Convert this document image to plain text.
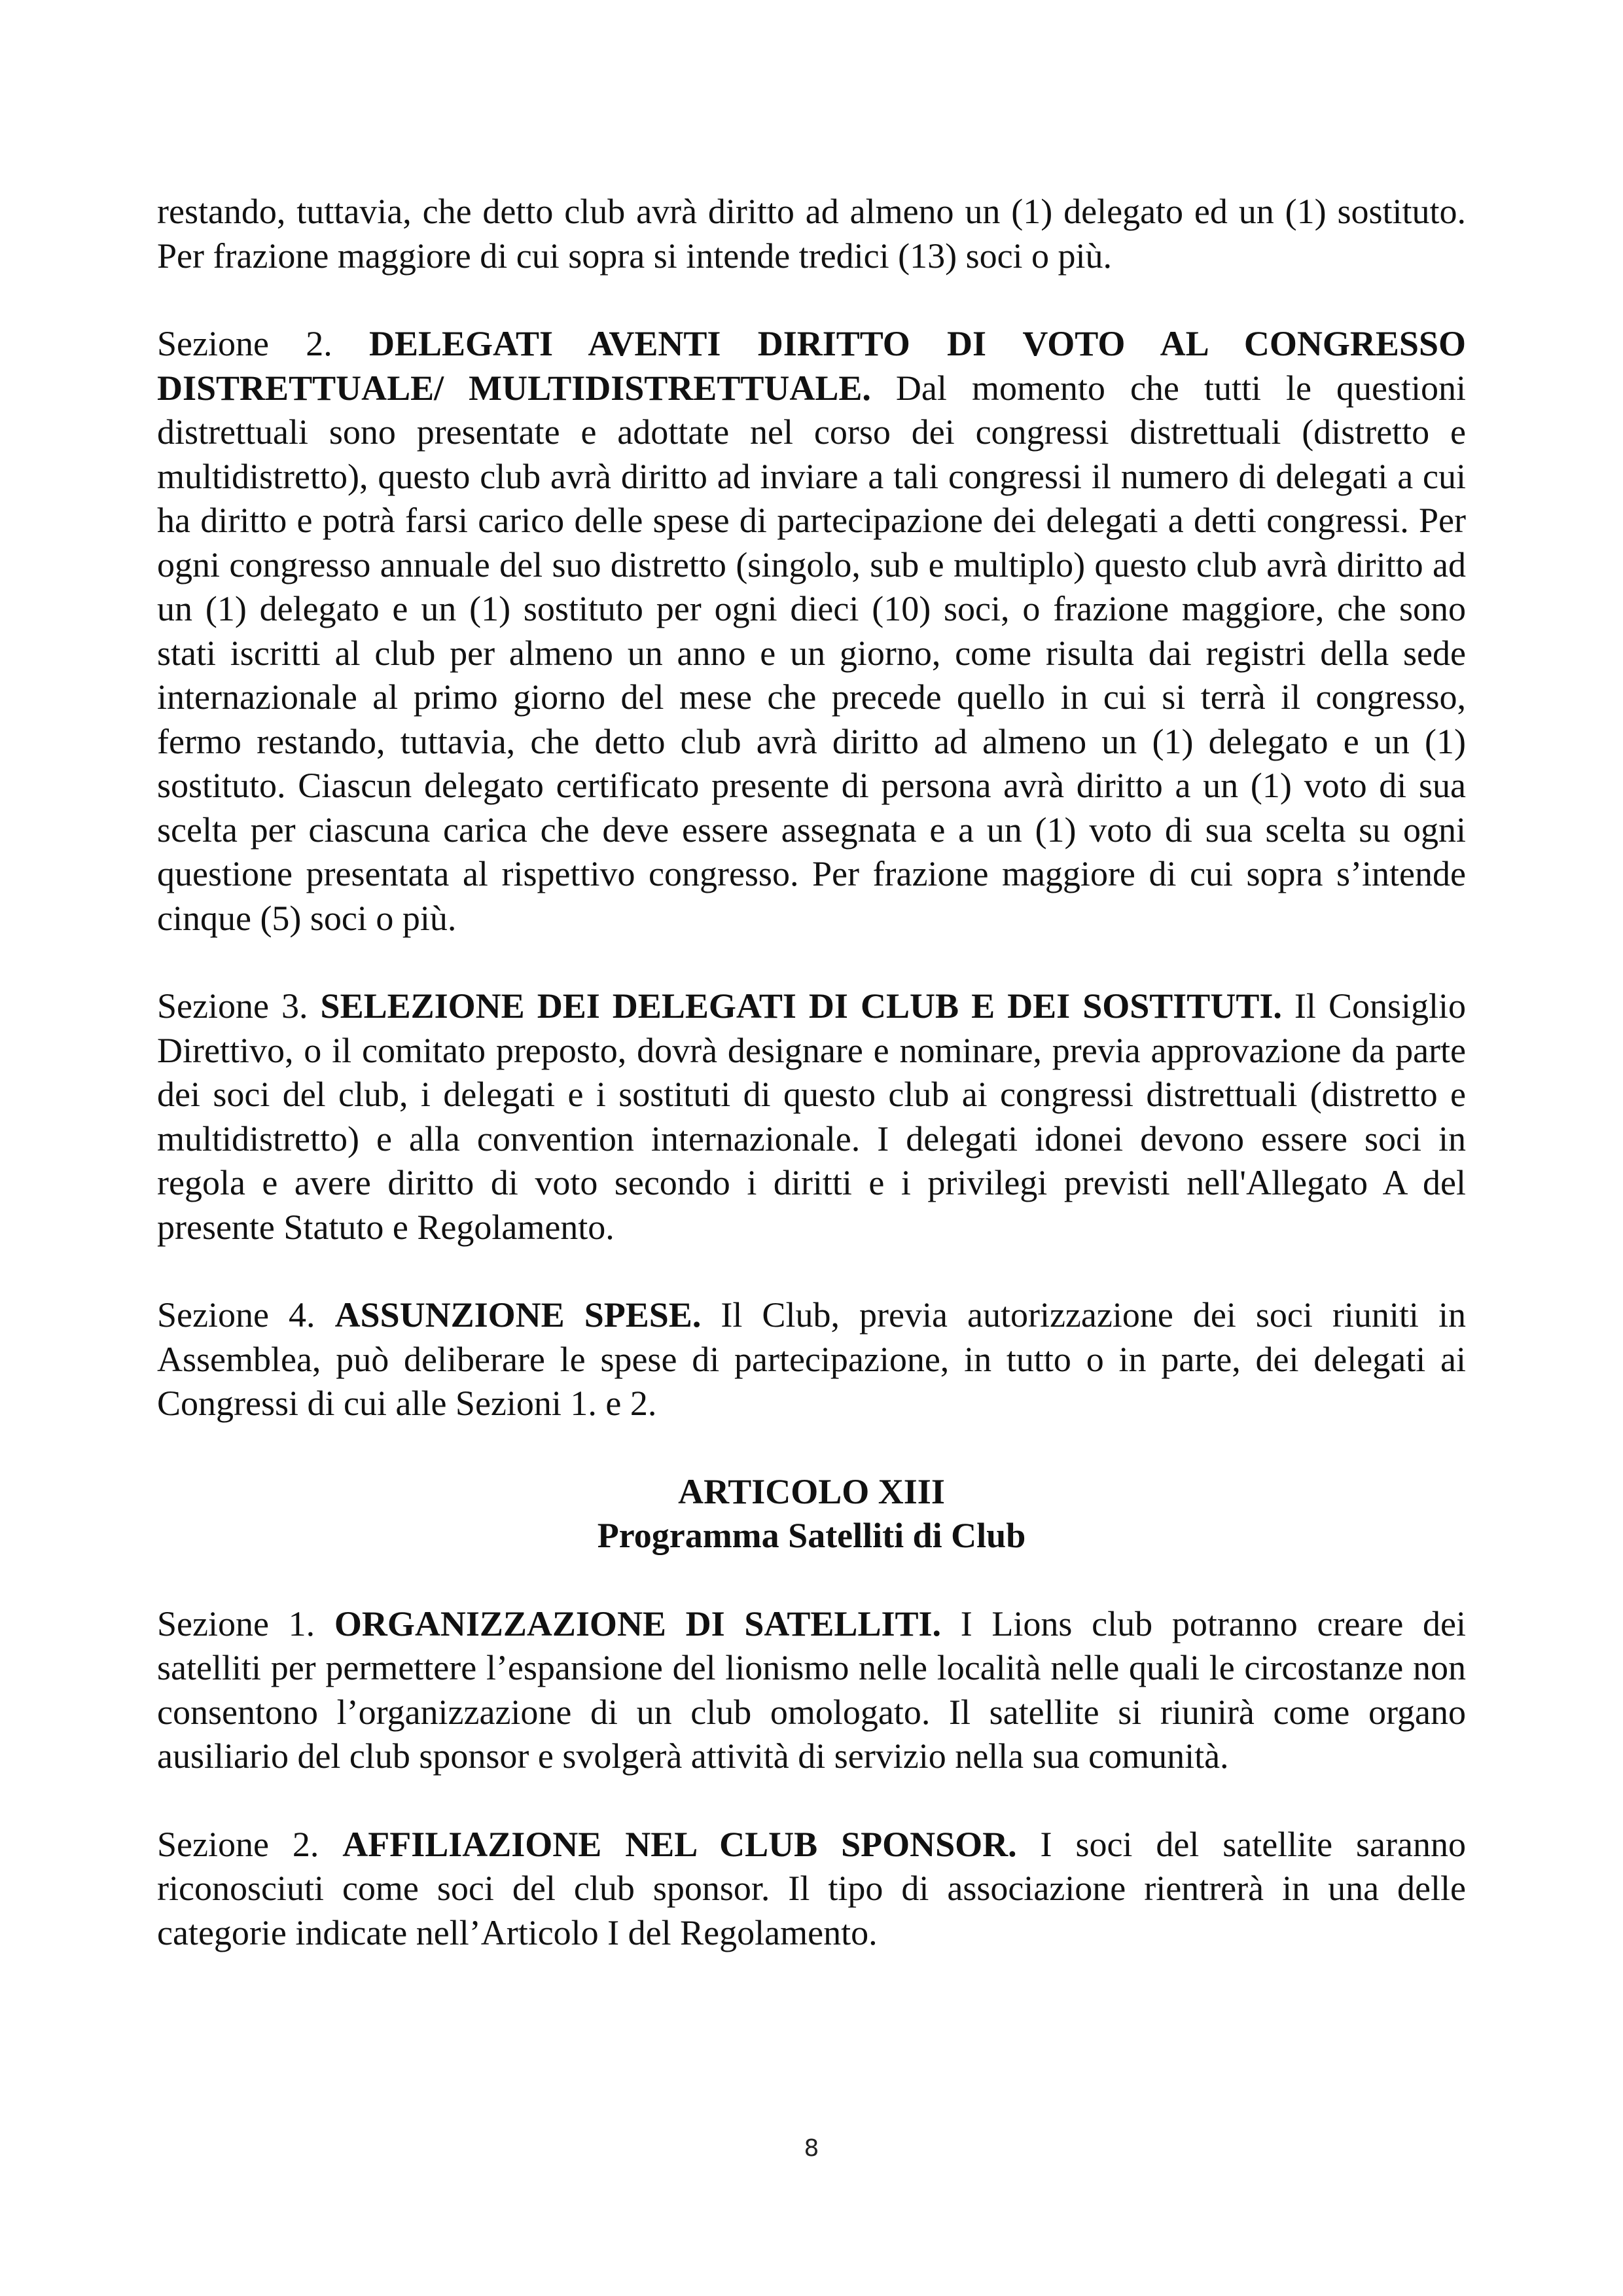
restando, tuttavia, che detto club avrà diritto ad almeno un (1) delegato ed un (1) sostituto. Per frazione maggiore di cui sopra si intende tredici (13) soci o più.

Sezione 2. DELEGATI AVENTI DIRITTO DI VOTO AL CONGRESSO DISTRETTUALE/ MULTIDISTRETTUALE. Dal momento che tutti le questioni distrettuali sono presentate e adottate nel corso dei congressi distrettuali (distretto e multidistretto), questo club avrà diritto ad inviare a tali congressi il numero di delegati a cui ha diritto e potrà farsi carico delle spese di partecipazione dei delegati a detti congressi. Per ogni congresso annuale del suo distretto (singolo, sub e multiplo) questo club avrà diritto ad un (1) delegato e un (1) sostituto per ogni dieci (10) soci, o frazione maggiore, che sono stati iscritti al club per almeno un anno e un giorno, come risulta dai registri della sede internazionale al primo giorno del mese che precede quello in cui si terrà il congresso, fermo restando, tuttavia, che detto club avrà diritto ad almeno un (1) delegato e un (1) sostituto. Ciascun delegato certificato presente di persona avrà diritto a un (1) voto di sua scelta per ciascuna carica che deve essere assegnata e a un (1) voto di sua scelta su ogni questione presentata al rispettivo congresso. Per frazione maggiore di cui sopra s’intende cinque (5) soci o più.

Sezione 3. SELEZIONE DEI DELEGATI DI CLUB E DEI SOSTITUTI. Il Consiglio Direttivo, o il comitato preposto, dovrà designare e nominare, previa approvazione da parte dei soci del club, i delegati e i sostituti di questo club ai congressi distrettuali (distretto e multidistretto) e alla convention internazionale. I delegati idonei devono essere soci in regola e avere diritto di voto secondo i diritti e i privilegi previsti nell'Allegato A del presente Statuto e Regolamento.

Sezione 4. ASSUNZIONE SPESE. Il Club, previa autorizzazione dei soci riuniti in Assemblea, può deliberare le spese di partecipazione, in tutto o in parte, dei delegati ai Congressi di cui alle Sezioni 1. e 2.

ARTICOLO XIII
Programma Satelliti di Club

Sezione 1. ORGANIZZAZIONE DI SATELLITI. I Lions club potranno creare dei satelliti per permettere l’espansione del lionismo nelle località nelle quali le circostanze non consentono l’organizzazione di un club omologato. Il satellite si riunirà come organo ausiliario del club sponsor e svolgerà attività di servizio nella sua comunità.

Sezione 2. AFFILIAZIONE NEL CLUB SPONSOR. I soci del satellite saranno riconosciuti come soci del club sponsor. Il tipo di associazione rientrerà in una delle categorie indicate nell’Articolo I del Regolamento.

8
